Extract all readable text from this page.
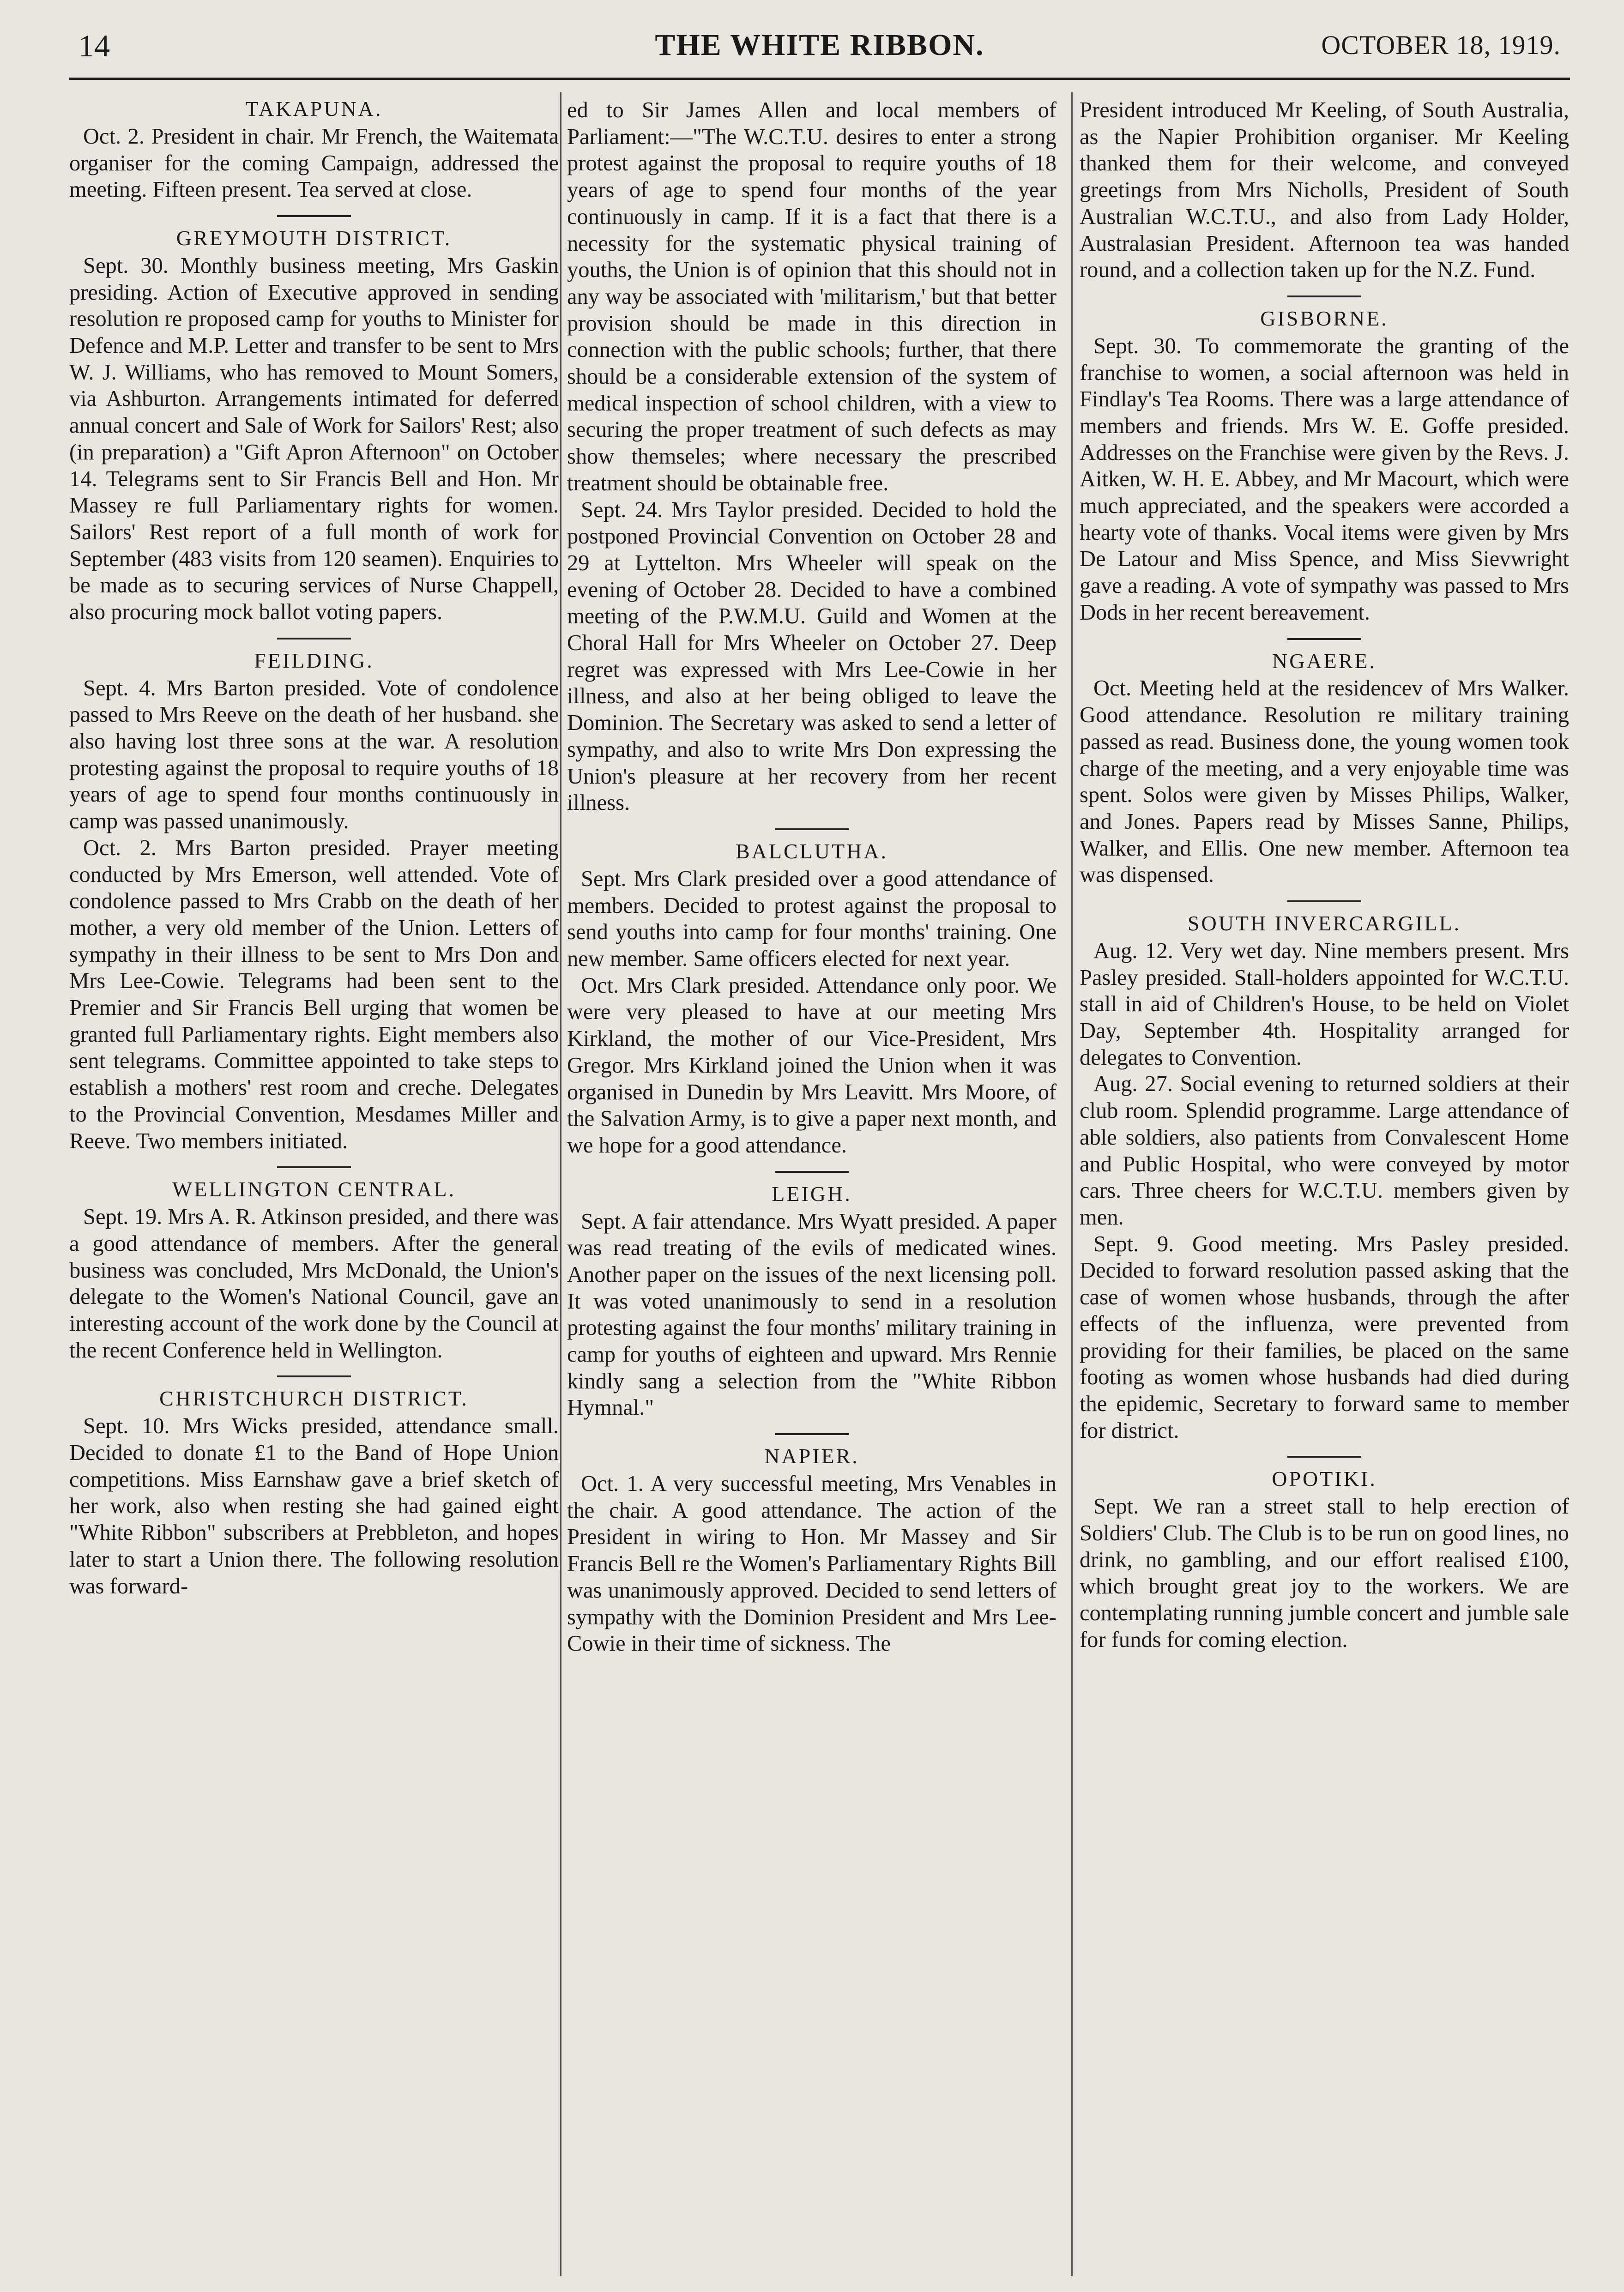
14	THE WHITE RIBBON.	OCTOBER 18, 1919.
TAKAPUNA.

Oct. 2. President in chair. Mr French, the Waitemata organiser for the coming Campaign, addressed the meeting. Fifteen present. Tea served at close.

GREYMOUTH DISTRICT.

Sept. 30. Monthly business meeting, Mrs Gaskin presiding. Action of Executive approved in sending resolution re proposed camp for youths to Minister for Defence and M.P. Letter and transfer to be sent to Mrs W. J. Williams, who has removed to Mount Somers, via Ashburton. Arrangements intimated for deferred annual concert and Sale of Work for Sailors' Rest; also (in preparation) a "Gift Apron Afternoon" on October 14. Telegrams sent to Sir Francis Bell and Hon. Mr Massey re full Parliamentary rights for women. Sailors' Rest report of a full month of work for September (483 visits from 120 seamen). Enquiries to be made as to securing services of Nurse Chappell, also procuring mock ballot voting papers.

FEILDING.

Sept. 4. Mrs Barton presided. Vote of condolence passed to Mrs Reeve on the death of her husband. she also having lost three sons at the war. A resolution protesting against the proposal to require youths of 18 years of age to spend four months continuously in camp was passed unanimously.

Oct. 2. Mrs Barton presided. Prayer meeting conducted by Mrs Emerson, well attended. Vote of condolence passed to Mrs Crabb on the death of her mother, a very old member of the Union. Letters of sympathy in their illness to be sent to Mrs Don and Mrs Lee-Cowie. Telegrams had been sent to the Premier and Sir Francis Bell urging that women be granted full Parliamentary rights. Eight members also sent telegrams. Committee appointed to take steps to establish a mothers' rest room and creche. Delegates to the Provincial Convention, Mesdames Miller and Reeve. Two members initiated.

WELLINGTON CENTRAL.

Sept. 19. Mrs A. R. Atkinson presided, and there was a good attendance of members. After the general business was concluded, Mrs McDonald, the Union's delegate to the Women's National Council, gave an interesting account of the work done by the Council at the recent Conference held in Wellington.

CHRISTCHURCH DISTRICT.

Sept. 10. Mrs Wicks presided, attendance small. Decided to donate £1 to the Band of Hope Union competitions. Miss Earnshaw gave a brief sketch of her work, also when resting she had gained eight "White Ribbon" subscribers at Prebbleton, and hopes later to start a Union there. The following resolution was forward-

ed to Sir James Allen and local members of Parliament:—"The W.C.T.U. desires to enter a strong protest against the proposal to require youths of 18 years of age to spend four months of the year continuously in camp. If it is a fact that there is a necessity for the systematic physical training of youths, the Union is of opinion that this should not in any way be associated with 'militarism,' but that better provision should be made in this direction in connection with the public schools; further, that there should be a considerable extension of the system of medical inspection of school children, with a view to securing the proper treatment of such defects as may show themseles; where necessary the prescribed treatment should be obtainable free.

Sept. 24. Mrs Taylor presided. Decided to hold the postponed Provincial Convention on October 28 and 29 at Lyttelton. Mrs Wheeler will speak on the evening of October 28. Decided to have a combined meeting of the P.W.M.U. Guild and Women at the Choral Hall for Mrs Wheeler on October 27. Deep regret was expressed with Mrs Lee-Cowie in her illness, and also at her being obliged to leave the Dominion. The Secretary was asked to send a letter of sympathy, and also to write Mrs Don expressing the Union's pleasure at her recovery from her recent illness.

BALCLUTHA.

Sept. Mrs Clark presided over a good attendance of members. Decided to protest against the proposal to send youths into camp for four months' training. One new member. Same officers elected for next year.

Oct. Mrs Clark presided. Attendance only poor. We were very pleased to have at our meeting Mrs Kirkland, the mother of our Vice-President, Mrs Gregor. Mrs Kirkland joined the Union when it was organised in Dunedin by Mrs Leavitt. Mrs Moore, of the Salvation Army, is to give a paper next month, and we hope for a good attendance.

LEIGH.

Sept. A fair attendance. Mrs Wyatt presided. A paper was read treating of the evils of medicated wines. Another paper on the issues of the next licensing poll. It was voted unanimously to send in a resolution protesting against the four months' military training in camp for youths of eighteen and upward. Mrs Rennie kindly sang a selection from the "White Ribbon Hymnal."

NAPIER.

Oct. 1. A very successful meeting, Mrs Venables in the chair. A good attendance. The action of the President in wiring to Hon. Mr Massey and Sir Francis Bell re the Women's Parliamentary Rights Bill was unanimously approved. Decided to send letters of sympathy with the Dominion President and Mrs Lee-Cowie in their time of sickness. The

President introduced Mr Keeling, of South Australia, as the Napier Prohibition organiser. Mr Keeling thanked them for their welcome, and conveyed greetings from Mrs Nicholls, President of South Australian W.C.T.U., and also from Lady Holder, Australasian President. Afternoon tea was handed round, and a collection taken up for the N.Z. Fund.

GISBORNE.

Sept. 30. To commemorate the granting of the franchise to women, a social afternoon was held in Findlay's Tea Rooms. There was a large attendance of members and friends. Mrs W. E. Goffe presided. Addresses on the Franchise were given by the Revs. J. Aitken, W. H. E. Abbey, and Mr Macourt, which were much appreciated, and the speakers were accorded a hearty vote of thanks. Vocal items were given by Mrs De Latour and Miss Spence, and Miss Sievwright gave a reading. A vote of sympathy was passed to Mrs Dods in her recent bereavement.

NGAERE.

Oct. Meeting held at the residencev of Mrs Walker. Good attendance. Resolution re military training passed as read. Business done, the young women took charge of the meeting, and a very enjoyable time was spent. Solos were given by Misses Philips, Walker, and Jones. Papers read by Misses Sanne, Philips, Walker, and Ellis. One new member. Afternoon tea was dispensed.

SOUTH INVERCARGILL.

Aug. 12. Very wet day. Nine members present. Mrs Pasley presided. Stall-holders appointed for W.C.T.U. stall in aid of Children's House, to be held on Violet Day, September 4th. Hospitality arranged for delegates to Convention.

Aug. 27. Social evening to returned soldiers at their club room. Splendid programme. Large attendance of able soldiers, also patients from Convalescent Home and Public Hospital, who were conveyed by motor cars. Three cheers for W.C.T.U. members given by men.

Sept. 9. Good meeting. Mrs Pasley presided. Decided to forward resolution passed asking that the case of women whose husbands, through the after effects of the influenza, were prevented from providing for their families, be placed on the same footing as women whose husbands had died during the epidemic, Secretary to forward same to member for district.

OPOTIKI.

Sept. We ran a street stall to help erection of Soldiers' Club. The Club is to be run on good lines, no drink, no gambling, and our effort realised £100, which brought great joy to the workers. We are contemplating running jumble concert and jumble sale for funds for coming election.
